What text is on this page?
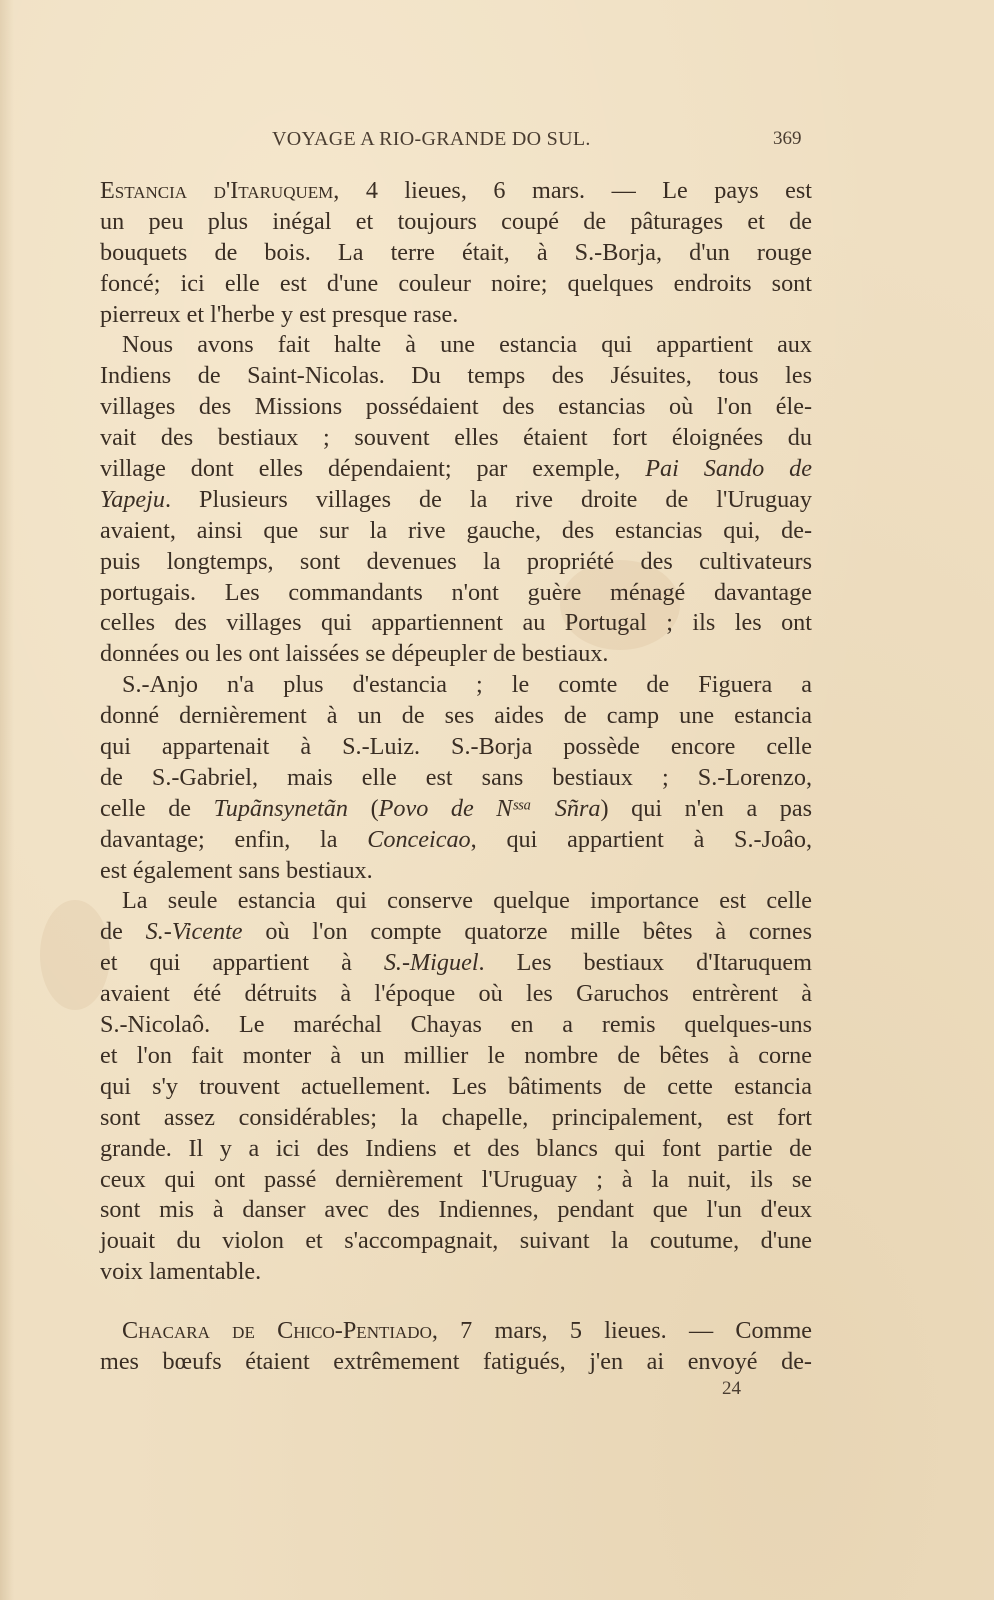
VOYAGE A RIO-GRANDE DO SUL.	369
Estancia d'Itaruquem, 4 lieues, 6 mars. — Le pays est
un peu plus inégal et toujours coupé de pâturages et de
bouquets de bois. La terre était, à S.-Borja, d'un rouge
foncé; ici elle est d'une couleur noire; quelques endroits sont
pierreux et l'herbe y est presque rase.
Nous avons fait halte à une estancia qui appartient aux
Indiens de Saint-Nicolas. Du temps des Jésuites, tous les
villages des Missions possédaient des estancias où l'on éle-
vait des bestiaux ; souvent elles étaient fort éloignées du
village dont elles dépendaient; par exemple, Pai Sando de
Yapeju. Plusieurs villages de la rive droite de l'Uruguay
avaient, ainsi que sur la rive gauche, des estancias qui, de-
puis longtemps, sont devenues la propriété des cultivateurs
portugais. Les commandants n'ont guère ménagé davantage
celles des villages qui appartiennent au Portugal ; ils les ont
données ou les ont laissées se dépeupler de bestiaux.
S.-Anjo n'a plus d'estancia ; le comte de Figuera a
donné dernièrement à un de ses aides de camp une estancia
qui appartenait à S.-Luiz. S.-Borja possède encore celle
de S.-Gabriel, mais elle est sans bestiaux ; S.-Lorenzo,
celle de Tupãnsynetãn (Povo de Nˢˢᵃ Sñra) qui n'en a pas
davantage; enfin, la Conceicao, qui appartient à S.-Joâo,
est également sans bestiaux.
La seule estancia qui conserve quelque importance est celle
de S.-Vicente où l'on compte quatorze mille bêtes à cornes
et qui appartient à S.-Miguel. Les bestiaux d'Itaruquem
avaient été détruits à l'époque où les Garuchos entrèrent à
S.-Nicolaô. Le maréchal Chayas en a remis quelques-uns
et l'on fait monter à un millier le nombre de bêtes à corne
qui s'y trouvent actuellement. Les bâtiments de cette estancia
sont assez considérables; la chapelle, principalement, est fort
grande. Il y a ici des Indiens et des blancs qui font partie de
ceux qui ont passé dernièrement l'Uruguay ; à la nuit, ils se
sont mis à danser avec des Indiennes, pendant que l'un d'eux
jouait du violon et s'accompagnait, suivant la coutume, d'une
voix lamentable.
Chacara de Chico-Pentiado, 7 mars, 5 lieues. — Comme
mes bœufs étaient extrêmement fatigués, j'en ai envoyé de-
24
